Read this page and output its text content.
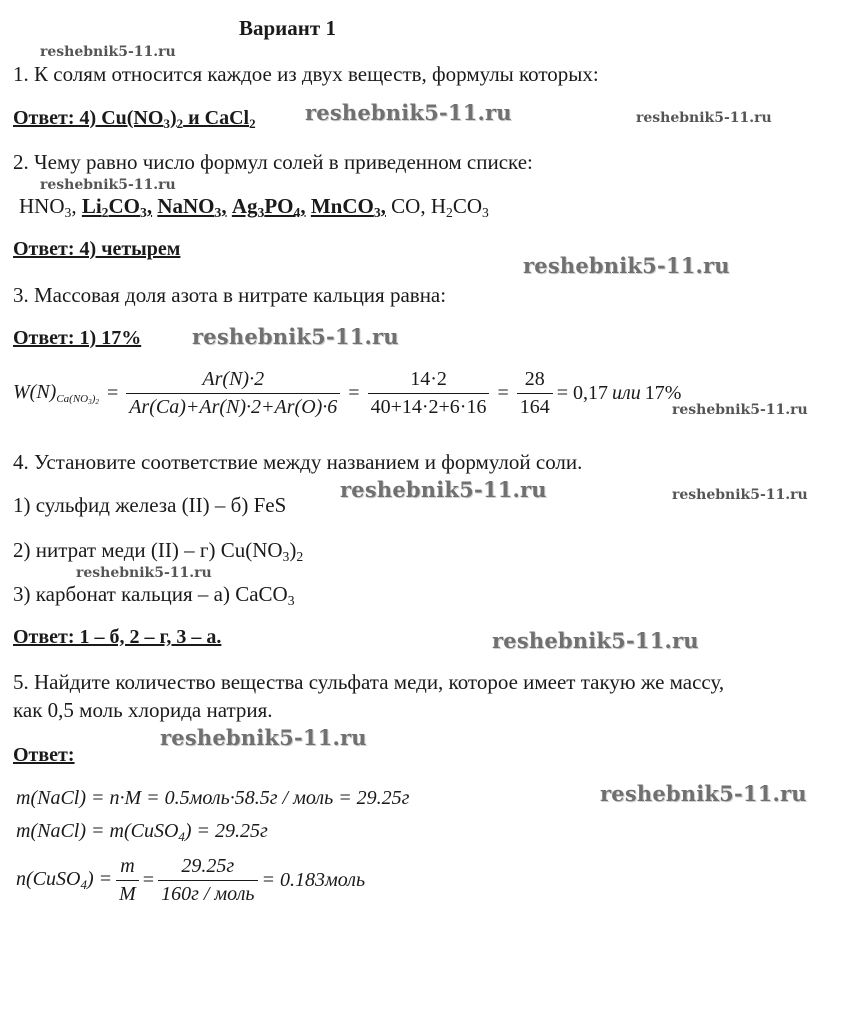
Вариант 1
reshebnik5-11.ru
1. К солям относится каждое из двух веществ, формулы которых:
Ответ: 4) $Cu(NO_3)_2$ и CaCl$_2$ reshebnik5-11.ru	reshebnik5-11.ru
2. Чему равно число формул солей в приведенном списке:
reshebnik5-11.ru
$HNO_3$, $Li_2CO_3$, NaNO$_3$, $Ag_3PO_4$, MnCO$_3$, CO, $H_2CO_3$
Ответ: 4) четырем
reshebnik5-11.ru
3. Массовая доля азота в нитрате кальция равна:
Ответ: 1) 17% reshebnik5-11.ru
$W(N)_{Ca(NO_3)_2} = \frac{Ar(N)\cdot 2}{Ar(Ca)+Ar(N)\cdot 2+Ar(O)\cdot 6} = \frac{14\cdot 2}{40+14\cdot 2+6\cdot 16} = \frac{28}{164} = 0,17$ или 17%
reshebnik5-11.ru
4. Установите соответствие между названием и формулой соли.
reshebnik5-11.ru	reshebnik5-11.ru
1) сульфид железа (II) – б) FeS
2) нитрат меди (II) – г) $Cu(NO_3)_2$
reshebnik5-11.ru
3) карбонат кальция – а) CaCO$_3$
Ответ: 1 – б, 2 – г, 3 – а.	reshebnik5-11.ru
5. Найдите количество вещества сульфата меди, которое имеет такую же массу,
как 0,5 моль хлорида натрия.
reshebnik5-11.ru
Ответ:
reshebnik5-11.ru
m(NaCl) = n·M = 0.5моль·58.5г / моль = 29.25г
m(NaCl) = m(CuSO$_4$) = 29.25г
n(CuSO$_4$) = $\frac{m}{M} = \frac{29.25г}{\text{160г / моль}}$ = 0.183моль
